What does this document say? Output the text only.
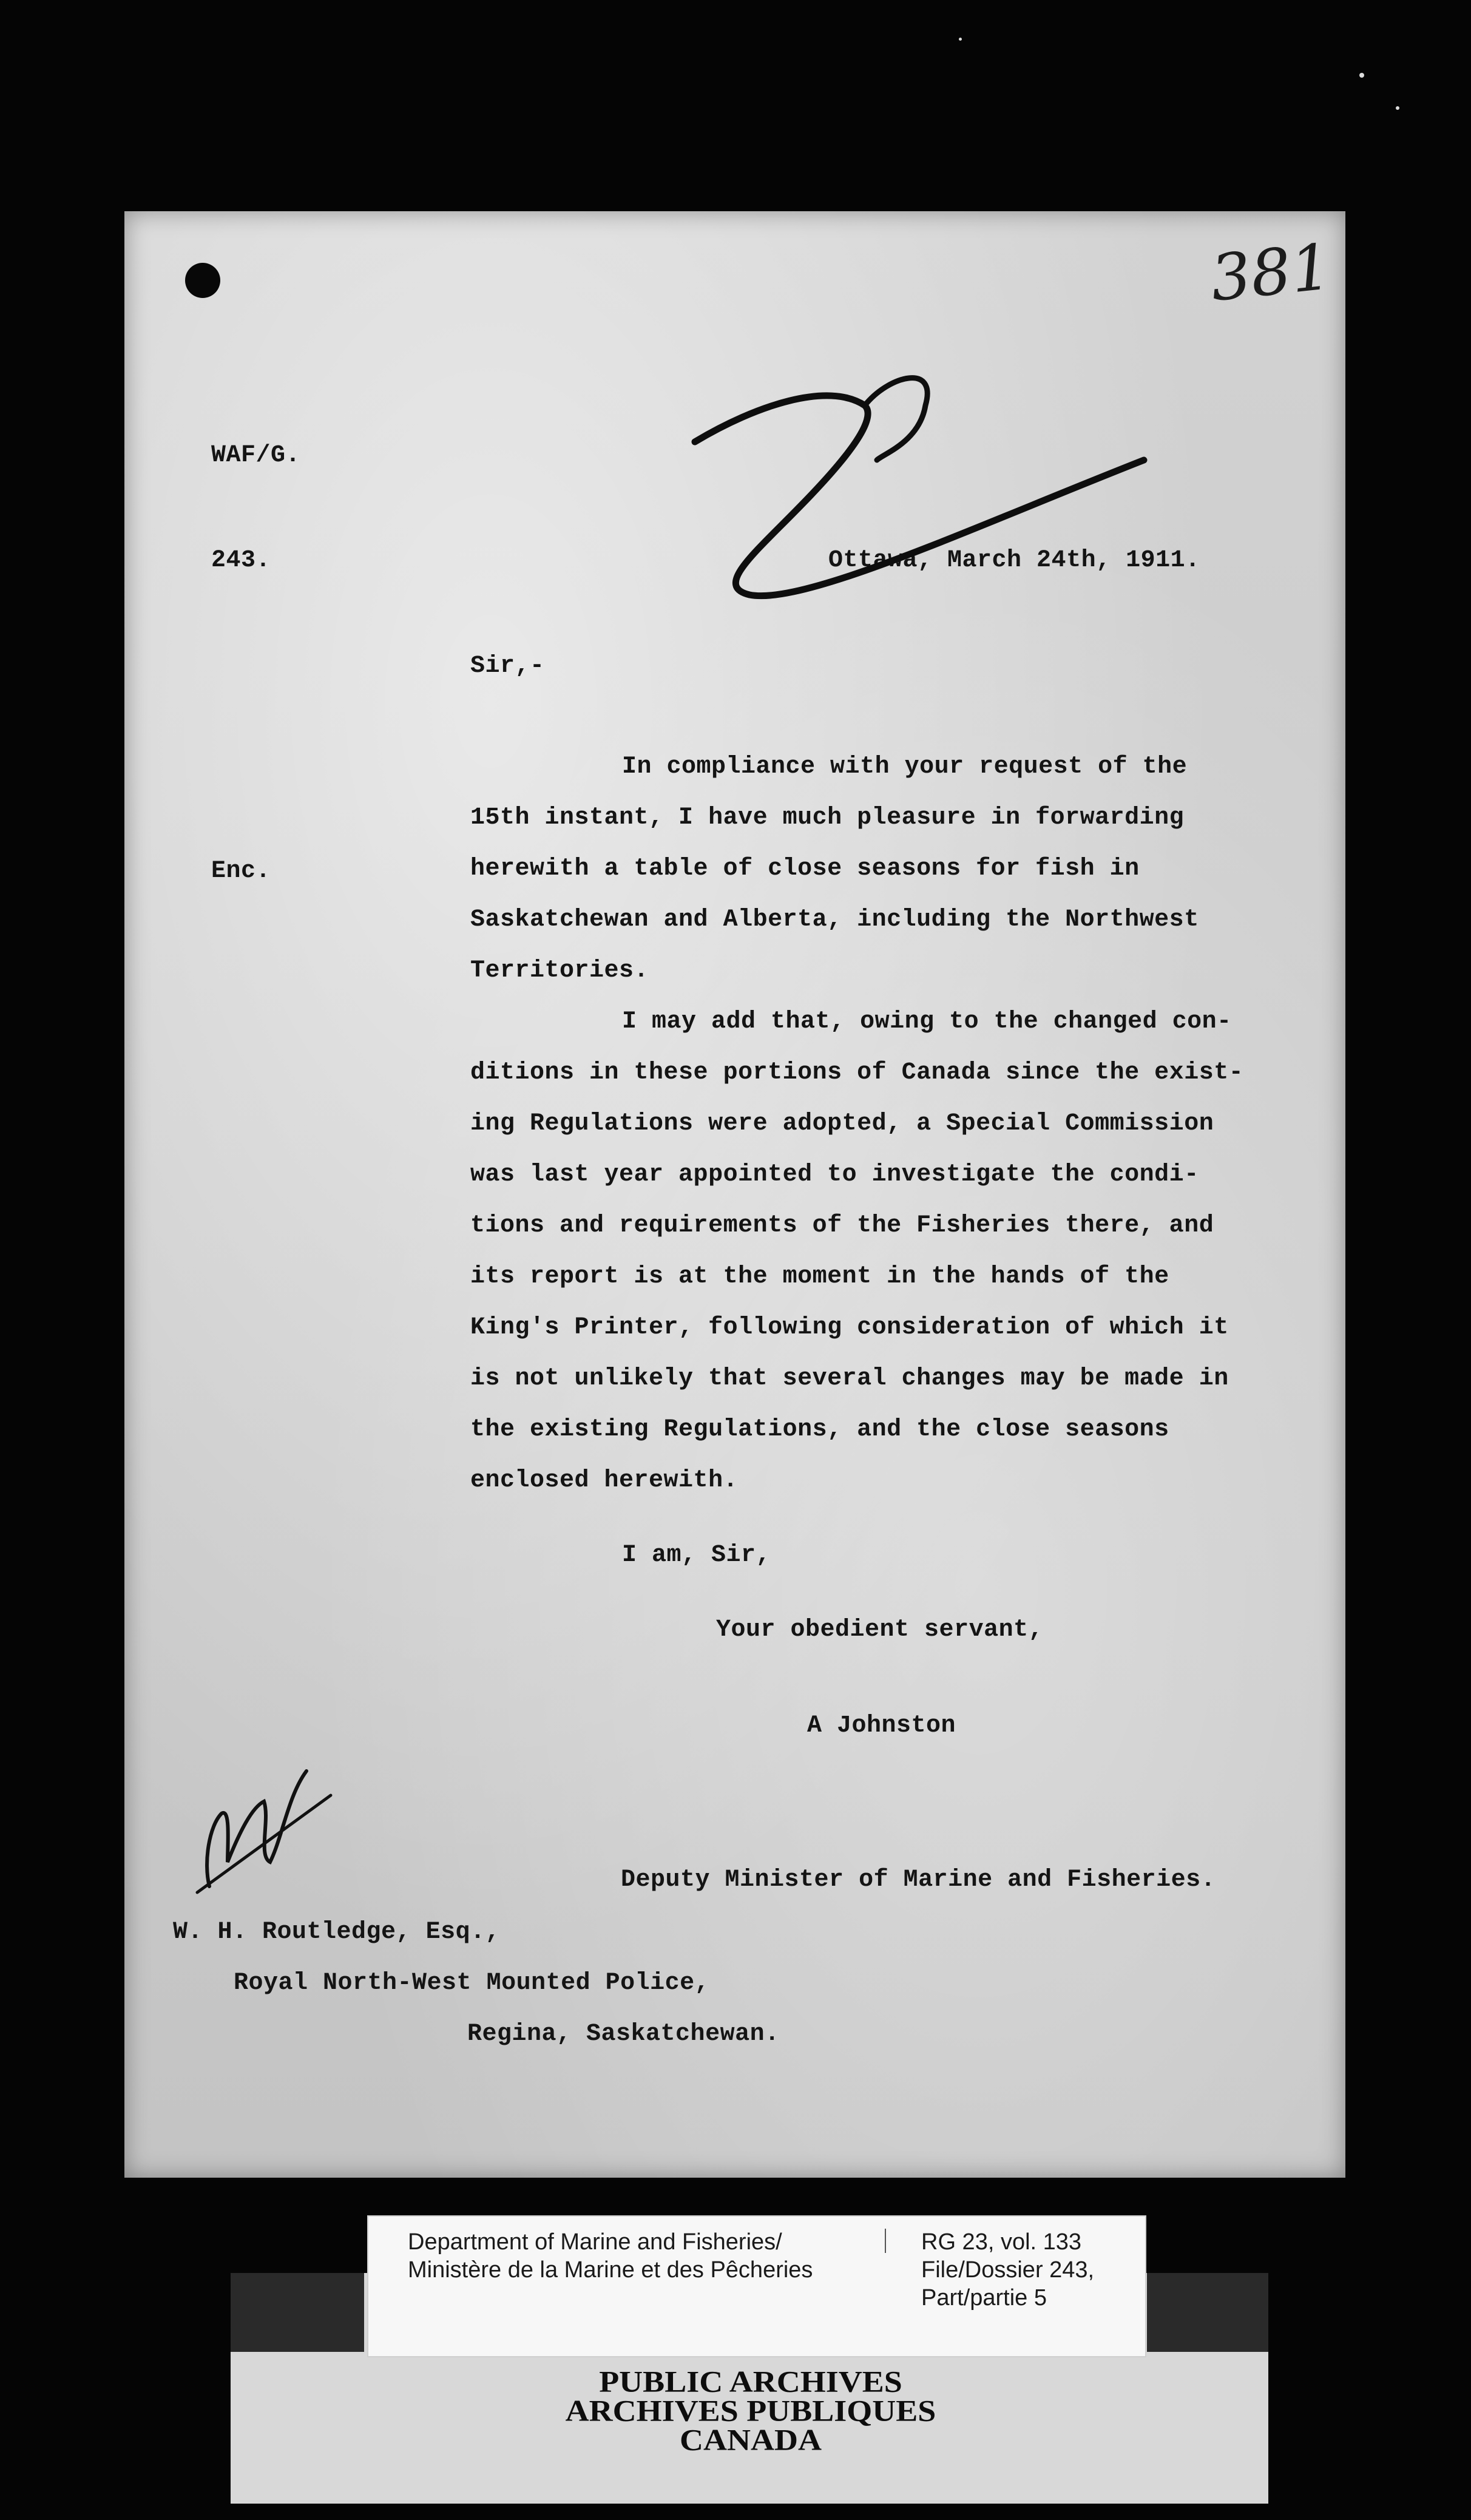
381
WAF/G.
243.	Ottawa, March 24th, 1911.
Sir,-
Enc.
In compliance with your request of the
15th instant, I have much pleasure in forwarding
herewith a table of close seasons for fish in
Saskatchewan and Alberta, including the Northwest
Territories.
I may add that, owing to the changed con-
ditions in these portions of Canada since the exist-
ing Regulations were adopted, a Special Commission
was last year appointed to investigate the condi-
tions and requirements of the Fisheries there, and
its report is at the moment in the hands of the
King's Printer, following consideration of which it
is not unlikely that several changes may be made in
the existing Regulations, and the close seasons
enclosed herewith.
I am, Sir,
Your obedient servant,
A Johnston
Deputy Minister of Marine and Fisheries.
W. H. Routledge, Esq.,
Royal North-West Mounted Police,
Regina, Saskatchewan.
Department of Marine and Fisheries/
Ministère de la Marine et des Pêcheries
RG 23, vol. 133
File/Dossier 243,
Part/partie 5
PUBLIC ARCHIVES
ARCHIVES PUBLIQUES
CANADA
